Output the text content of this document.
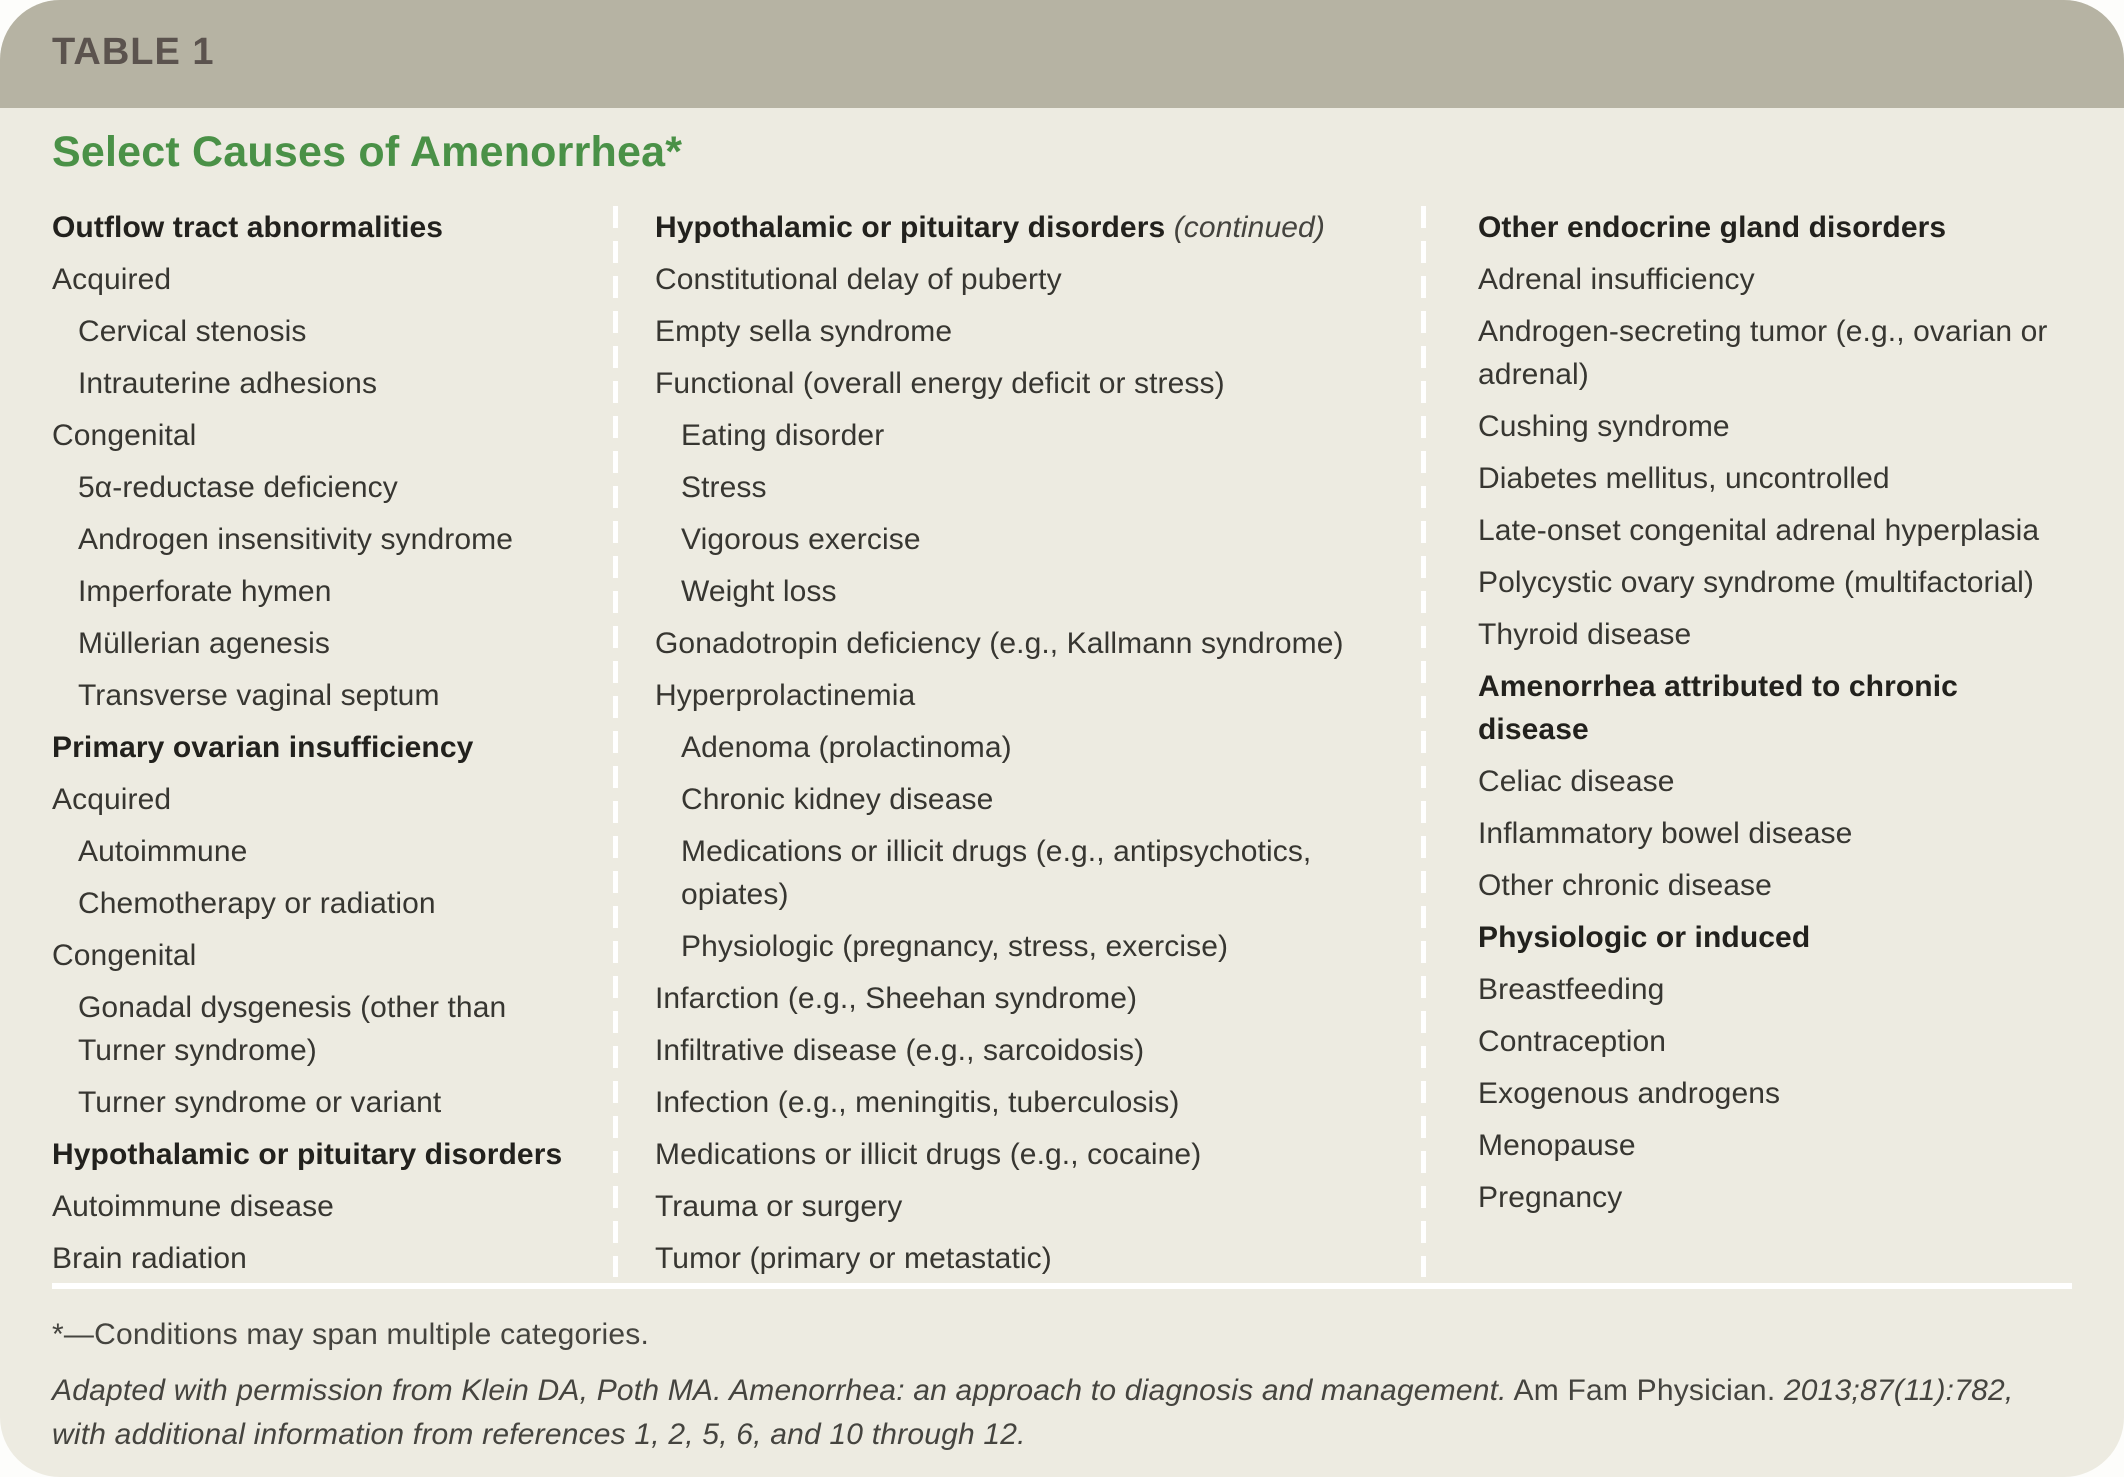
TABLE 1
Select Causes of Amenorrhea*
Outflow tract abnormalities
Acquired
Cervical stenosis
Intrauterine adhesions
Congenital
5α-reductase deficiency
Androgen insensitivity syndrome
Imperforate hymen
Müllerian agenesis
Transverse vaginal septum
Primary ovarian insufficiency
Acquired
Autoimmune
Chemotherapy or radiation
Congenital
Gonadal dysgenesis (other than Turner syndrome)
Turner syndrome or variant
Hypothalamic or pituitary disorders
Autoimmune disease
Brain radiation
Hypothalamic or pituitary disorders (continued)
Constitutional delay of puberty
Empty sella syndrome
Functional (overall energy deficit or stress)
Eating disorder
Stress
Vigorous exercise
Weight loss
Gonadotropin deficiency (e.g., Kallmann syndrome)
Hyperprolactinemia
Adenoma (prolactinoma)
Chronic kidney disease
Medications or illicit drugs (e.g., antipsychotics, opiates)
Physiologic (pregnancy, stress, exercise)
Infarction (e.g., Sheehan syndrome)
Infiltrative disease (e.g., sarcoidosis)
Infection (e.g., meningitis, tuberculosis)
Medications or illicit drugs (e.g., cocaine)
Trauma or surgery
Tumor (primary or metastatic)
Other endocrine gland disorders
Adrenal insufficiency
Androgen-secreting tumor (e.g., ovarian or adrenal)
Cushing syndrome
Diabetes mellitus, uncontrolled
Late-onset congenital adrenal hyperplasia
Polycystic ovary syndrome (multifactorial)
Thyroid disease
Amenorrhea attributed to chronic disease
Celiac disease
Inflammatory bowel disease
Other chronic disease
Physiologic or induced
Breastfeeding
Contraception
Exogenous androgens
Menopause
Pregnancy
*—Conditions may span multiple categories.
Adapted with permission from Klein DA, Poth MA. Amenorrhea: an approach to diagnosis and management. Am Fam Physician. 2013;87(11):782, with additional information from references 1, 2, 5, 6, and 10 through 12.
